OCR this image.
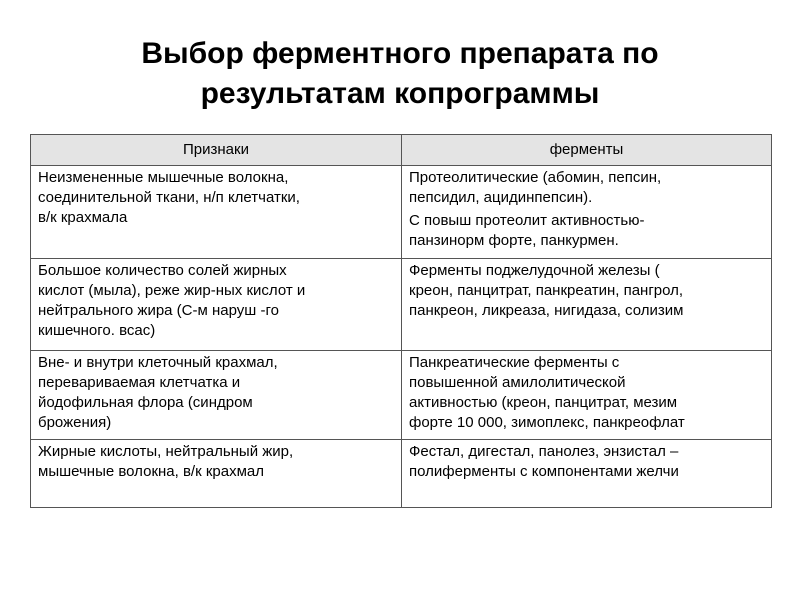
Выбор ферментного препарата по
результатам копрограммы
Признаки	ферменты

Неизмененные мышечные волокна,
соединительной ткани, н/п клетчатки,
в/к крахмала	Протеолитические (абомин, пепсин,
пепсидил, ацидинпепсин).
С повыш протеолит активностью-
панзинорм форте, панкурмен.

Большое количество солей жирных
кислот (мыла), реже жир-ных кислот и
нейтрального жира (С-м наруш -го
кишечного. всас)	Ферменты поджелудочной железы (
креон, панцитрат, панкреатин, пангрол,
панкреон, ликреаза, нигидаза, солизим

Вне- и внутри клеточный крахмал,
переваpиваемая клетчатка и
йодофильная флора (синдром
брожения)	Панкреатические ферменты с
повышенной амилолитической
активностью (креон, панцитрат, мезим
форте 10 000, зимоплекс, панкреофлат

Жирные кислоты, нейтральный жир,
мышечные волокна, в/к крахмал	Фестал, дигестал, панолез, энзистал –
полиферменты с компонентами желчи
